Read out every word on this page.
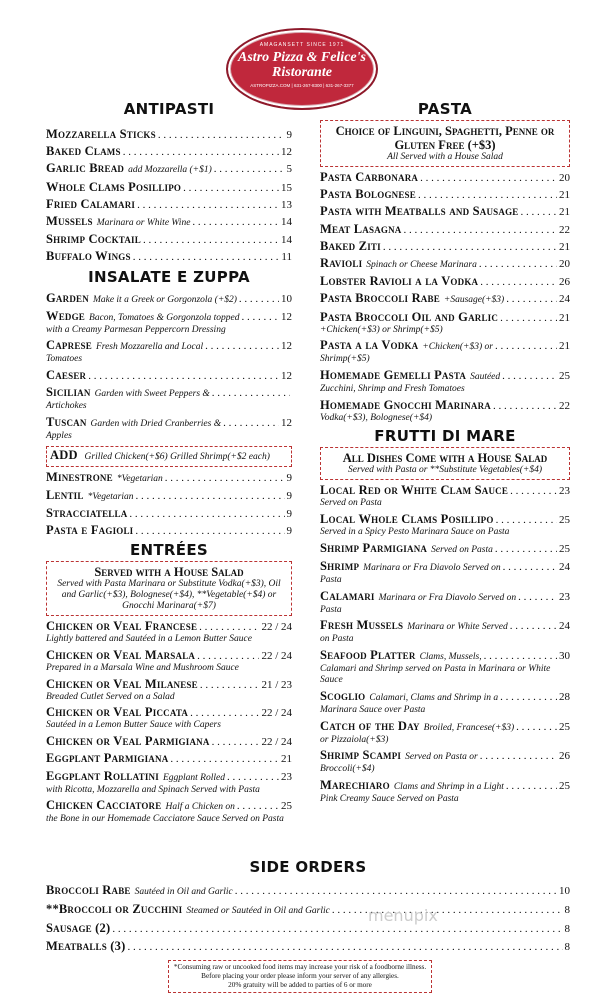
AMAGANSETT SINCE 1971
Astro Pizza & Felice's Ristorante
ASTROPIZZA.COM | 631-267-8300 | 631-267-3377
ANTIPASTI
Mozzarella Sticks . . .	9
Baked Clams . . .	12
Garlic Bread add Mozzarella (+$1) . . .	5
Whole Clams Posillipo . . .	15
Fried Calamari . . .	13
Mussels Marinara or White Wine . . .	14
Shrimp Cocktail . . .	14
Buffalo Wings . . .	11
INSALATE E ZUPPA
Garden Make it a Greek or Gorgonzola (+$2) . . .	10
Wedge Bacon, Tomatoes & Gorgonzola topped . . .	12
with a Creamy Parmesan Peppercorn Dressing
Caprese Fresh Mozzarella and Local . . .	12
Tomatoes
Caeser . . .	12
Sicilian Garden with Sweet Peppers &
. . .
Artichokes
Tuscan Garden with Dried Cranberries & . . .	12
Apples
ADD Grilled Chicken(+$6) Grilled Shrimp(+$2 each)
Minestrone *Vegetarian . . .	9
Lentil *Vegetarian . . .	9
Stracciatella . . .	9
Pasta e Fagioli . . .	9
ENTRÉES
Served with a House Salad
Served with Pasta Marinara or Substitute Vodka(+$3), Oil and Garlic(+$3), Bolognese(+$4), **Vegetable(+$4) or Gnocchi Marinara(+$7)
Chicken or Veal Francese . . .	22 / 24
Lightly battered and Sautéed in a Lemon Butter Sauce
Chicken or Veal Marsala . . .	22 / 24
Prepared in a Marsala Wine and Mushroom Sauce
Chicken or Veal Milanese . . .	21 / 23
Breaded Cutlet Served on a Salad
Chicken or Veal Piccata . . .	22 / 24
Sautéed in a Lemon Butter Sauce with Capers
Chicken or Veal Parmigiana . . .	22 / 24
Eggplant Parmigiana . . .	21
Eggplant Rollatini Eggplant Rolled . . .	23
with Ricotta, Mozzarella and Spinach Served with Pasta
Chicken Cacciatore Half a Chicken on . . .	25
the Bone in our Homemade Cacciatore Sauce Served on Pasta
PASTA
Choice of Linguini, Spaghetti, Penne or Gluten Free (+$3)
All Served with a House Salad
Pasta Carbonara . . .	20
Pasta Bolognese . . .	21
Pasta with Meatballs and Sausage . . .	21
Meat Lasagna . . .	22
Baked Ziti . . .	21
Ravioli Spinach or Cheese Marinara . . .	20
Lobster Ravioli a la Vodka . . .	26
Pasta Broccoli Rabe +Sausage(+$3) . . .	24
Pasta Broccoli Oil and Garlic . . .	21
+Chicken(+$3) or Shrimp(+$5)
Pasta a la Vodka +Chicken(+$3) or . . .	21
Shrimp(+$5)
Homemade Gemelli Pasta Sautéed . . .	25
Zucchini, Shrimp and Fresh Tomatoes
Homemade Gnocchi Marinara . . .	22
Vodka(+$3), Bolognese(+$4)
FRUTTI DI MARE
All Dishes Come with a House Salad
Served with Pasta or **Substitute Vegetables(+$4)
Local Red or White Clam Sauce . . .	23
Served on Pasta
Local Whole Clams Posillipo . . .	25
Served in a Spicy Pesto Marinara Sauce on Pasta
Shrimp Parmigiana Served on Pasta . . .	25
Shrimp Marinara or Fra Diavolo Served on . . .	24
Pasta
Calamari Marinara or Fra Diavolo Served on . . .	23
Pasta
Fresh Mussels Marinara or White Served . . .	24
on Pasta
Seafood Platter Clams, Mussels, . . .	30
Calamari and Shrimp served on Pasta in Marinara or White Sauce
Scoglio Calamari, Clams and Shrimp in a . . .	28
Marinara Sauce over Pasta
Catch of the Day Broiled, Francese(+$3) . . .	25
or Pizzaiola(+$3)
Shrimp Scampi Served on Pasta or . . .	26
Broccoli(+$4)
Marechiaro Clams and Shrimp in a Light . . .	25
Pink Creamy Sauce Served on Pasta
SIDE ORDERS
Broccoli Rabe Sautéed in Oil and Garlic . . .	10
**Broccoli or Zucchini Steamed or Sautéed in Oil and Garlic . . .	8
Sausage (2) . . .	8
Meatballs (3) . . .	8
menupix
*Consuming raw or uncooked food items may increase your risk of a foodborne illness.
Before placing your order please inform your server of any allergies.
20% gratuity will be added to parties of 6 or more
